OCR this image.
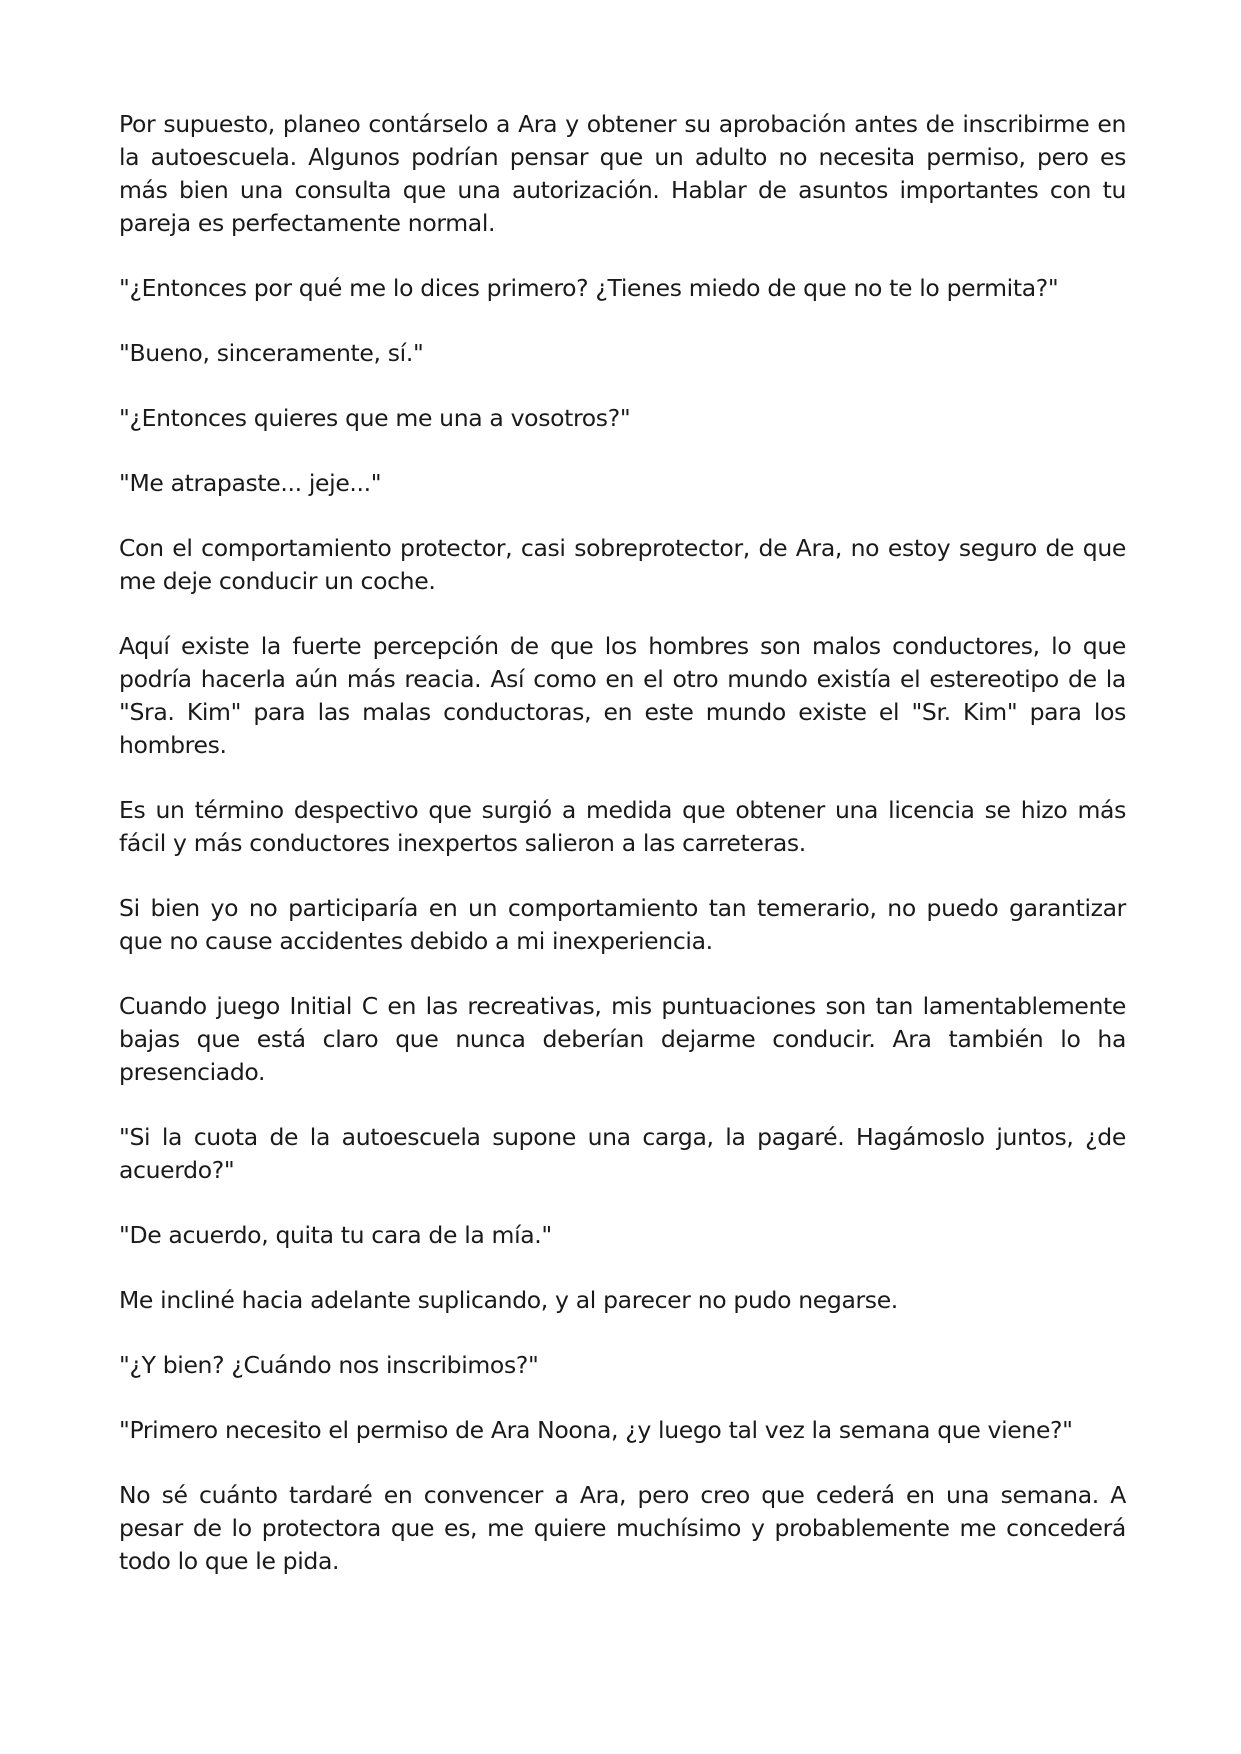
Por supuesto, planeo contárselo a Ara y obtener su aprobación antes de inscribirme en la autoescuela. Algunos podrían pensar que un adulto no necesita permiso, pero es más bien una consulta que una autorización. Hablar de asuntos importantes con tu pareja es perfectamente normal.

"¿Entonces por qué me lo dices primero? ¿Tienes miedo de que no te lo permita?"

"Bueno, sinceramente, sí."

"¿Entonces quieres que me una a vosotros?"

"Me atrapaste... jeje..."

Con el comportamiento protector, casi sobreprotector, de Ara, no estoy seguro de que me deje conducir un coche.

Aquí existe la fuerte percepción de que los hombres son malos conductores, lo que podría hacerla aún más reacia. Así como en el otro mundo existía el estereotipo de la "Sra. Kim" para las malas conductoras, en este mundo existe el "Sr. Kim" para los hombres.

Es un término despectivo que surgió a medida que obtener una licencia se hizo más fácil y más conductores inexpertos salieron a las carreteras.

Si bien yo no participaría en un comportamiento tan temerario, no puedo garantizar que no cause accidentes debido a mi inexperiencia.

Cuando juego Initial C en las recreativas, mis puntuaciones son tan lamentablemente bajas que está claro que nunca deberían dejarme conducir. Ara también lo ha presenciado.

"Si la cuota de la autoescuela supone una carga, la pagaré. Hagámoslo juntos, ¿de acuerdo?"

"De acuerdo, quita tu cara de la mía."

Me incliné hacia adelante suplicando, y al parecer no pudo negarse.

"¿Y bien? ¿Cuándo nos inscribimos?"

"Primero necesito el permiso de Ara Noona, ¿y luego tal vez la semana que viene?"

No sé cuánto tardaré en convencer a Ara, pero creo que cederá en una semana. A pesar de lo protectora que es, me quiere muchísimo y probablemente me concederá todo lo que le pida.
